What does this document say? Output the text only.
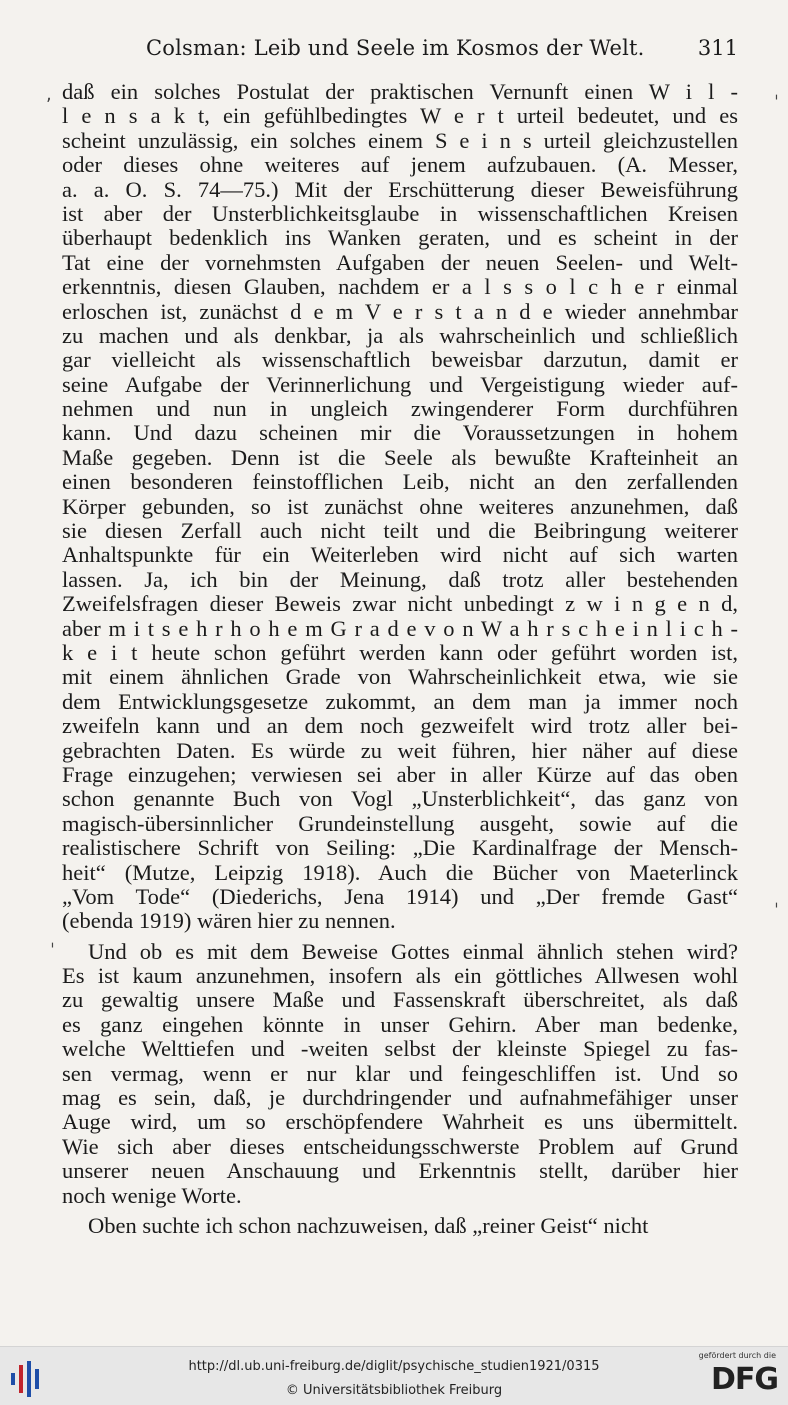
Colsman: Leib und Seele im Kosmos der Welt.	311
,	ˈ
ˈ
ˈ
daß ein solches Postulat der praktischen Vernunft einen W i l -
l e n s a k t, ein gefühlbedingtes W e r t urteil bedeutet, und es
scheint unzulässig, ein solches einem S e i n s urteil gleichzustellen
oder dieses ohne weiteres auf jenem aufzubauen. (A. Messer,
a. a. O. S. 74—75.) Mit der Erschütterung dieser Beweisführung
ist aber der Unsterblichkeitsglaube in wissenschaftlichen Kreisen
überhaupt bedenklich ins Wanken geraten, und es scheint in der
Tat eine der vornehmsten Aufgaben der neuen Seelen- und Welt-
erkenntnis, diesen Glauben, nachdem er a l s s o l c h e r einmal
erloschen ist, zunächst d e m V e r s t a n d e wieder annehmbar
zu machen und als denkbar, ja als wahrscheinlich und schließlich
gar vielleicht als wissenschaftlich beweisbar darzutun, damit er
seine Aufgabe der Verinnerlichung und Vergeistigung wieder auf-
nehmen und nun in ungleich zwingenderer Form durchführen
kann. Und dazu scheinen mir die Voraussetzungen in hohem
Maße gegeben. Denn ist die Seele als bewußte Krafteinheit an
einen besonderen feinstofflichen Leib, nicht an den zerfallenden
Körper gebunden, so ist zunächst ohne weiteres anzunehmen, daß
sie diesen Zerfall auch nicht teilt und die Beibringung weiterer
Anhaltspunkte für ein Weiterleben wird nicht auf sich warten
lassen. Ja, ich bin der Meinung, daß trotz aller bestehenden
Zweifelsfragen dieser Beweis zwar nicht unbedingt z w i n g e n d,
aber m i t s e h r h o h e m G r a d e v o n W a h r s c h e i n l i c h -
k e i t heute schon geführt werden kann oder geführt worden ist,
mit einem ähnlichen Grade von Wahrscheinlichkeit etwa, wie sie
dem Entwicklungsgesetze zukommt, an dem man ja immer noch
zweifeln kann und an dem noch gezweifelt wird trotz aller bei-
gebrachten Daten. Es würde zu weit führen, hier näher auf diese
Frage einzugehen; verwiesen sei aber in aller Kürze auf das oben
schon genannte Buch von Vogl „Unsterblichkeit“, das ganz von
magisch-übersinnlicher Grundeinstellung ausgeht, sowie auf die
realistischere Schrift von Seiling: „Die Kardinalfrage der Mensch-
heit“ (Mutze, Leipzig 1918). Auch die Bücher von Maeterlinck
„Vom Tode“ (Diederichs, Jena 1914) und „Der fremde Gast“
(ebenda 1919) wären hier zu nennen.
Und ob es mit dem Beweise Gottes einmal ähnlich stehen wird?
Es ist kaum anzunehmen, insofern als ein göttliches Allwesen wohl
zu gewaltig unsere Maße und Fassenskraft überschreitet, als daß
es ganz eingehen könnte in unser Gehirn. Aber man bedenke,
welche Welttiefen und -weiten selbst der kleinste Spiegel zu fas-
sen vermag, wenn er nur klar und feingeschliffen ist. Und so
mag es sein, daß, je durchdringender und aufnahmefähiger unser
Auge wird, um so erschöpfendere Wahrheit es uns übermittelt.
Wie sich aber dieses entscheidungsschwerste Problem auf Grund
unserer neuen Anschauung und Erkenntnis stellt, darüber hier
noch wenige Worte.
Oben suchte ich schon nachzuweisen, daß „reiner Geist“ nicht
http://dl.ub.uni-freiburg.de/diglit/psychische_studien1921/0315
© Universitätsbibliothek Freiburg
gefördert durch die
DFG
